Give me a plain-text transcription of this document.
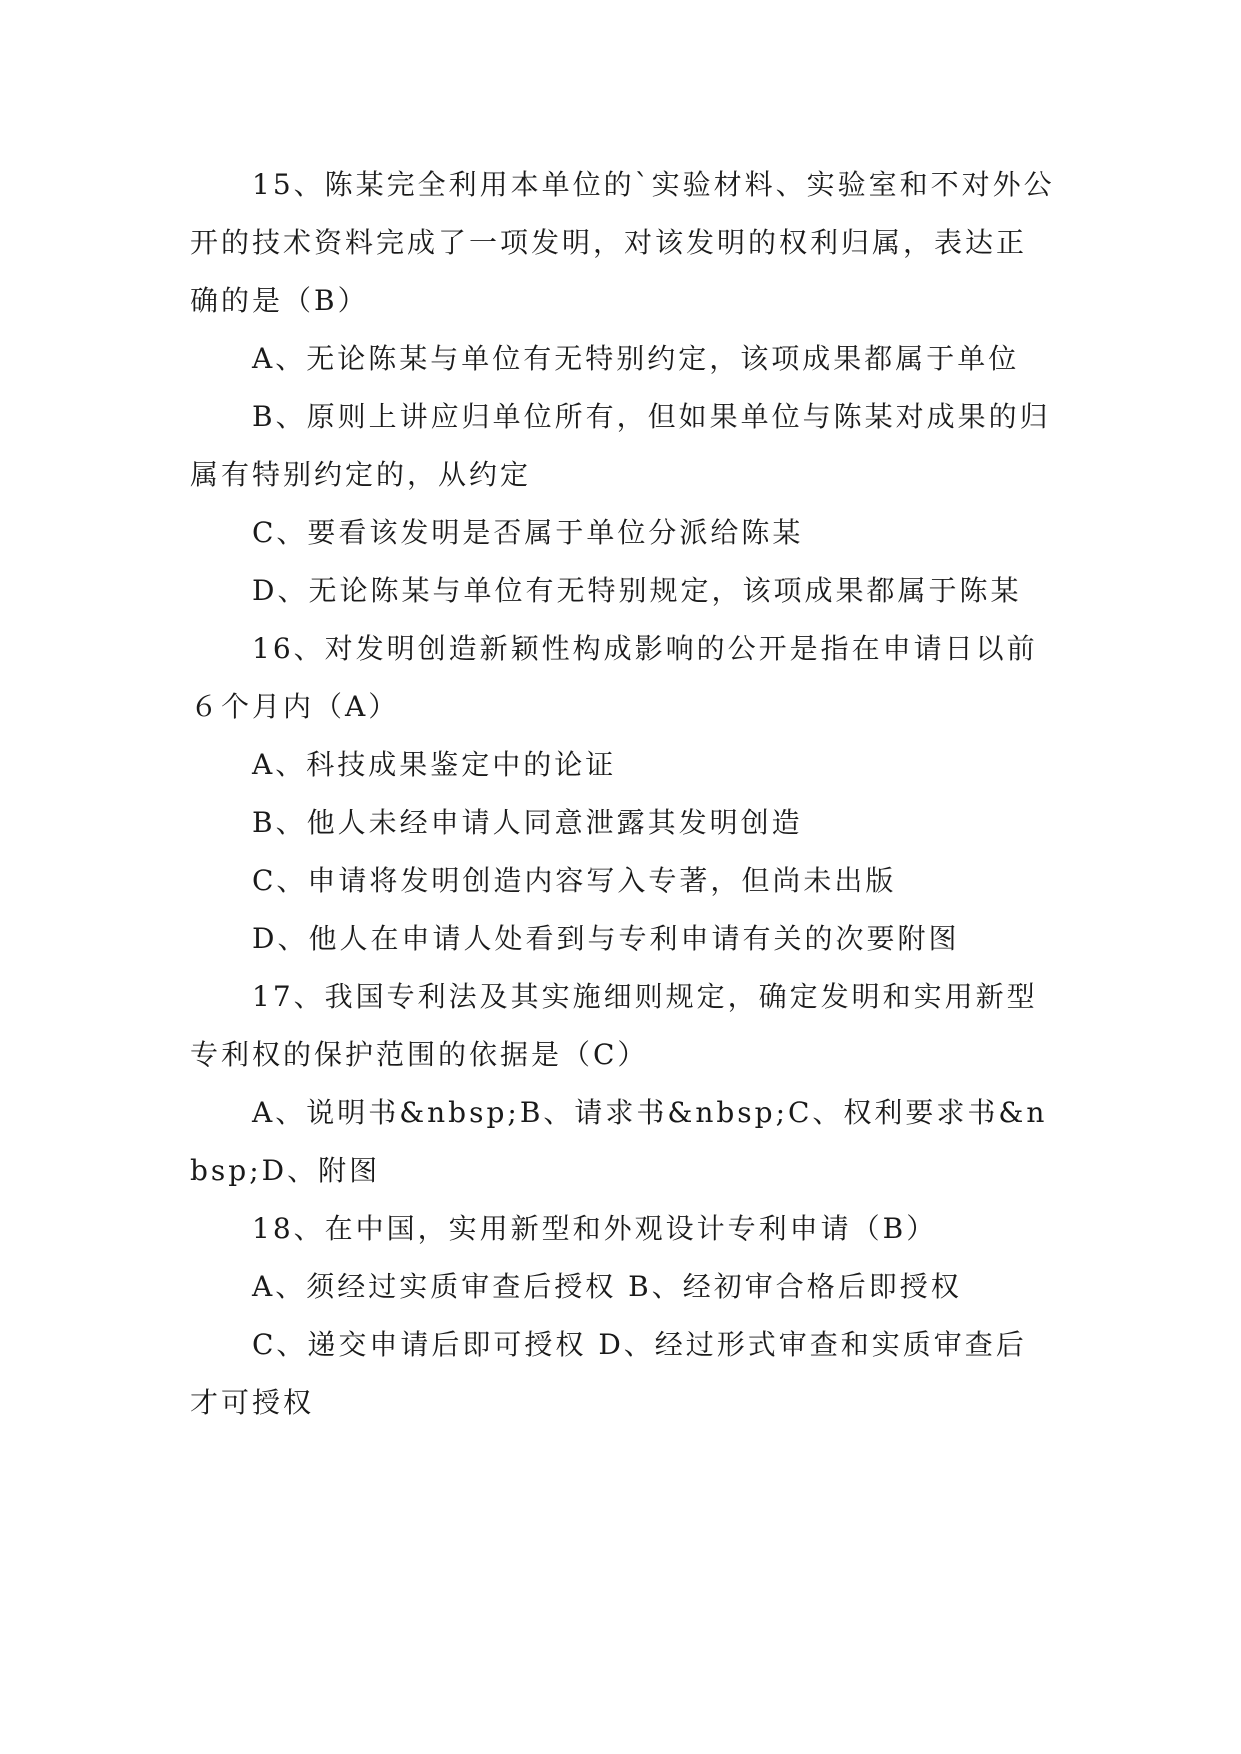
15、陈某完全利用本单位的`实验材料、实验室和不对外公开的技术资料完成了一项发明，对该发明的权利归属，表达正确的是（B）

A、无论陈某与单位有无特别约定，该项成果都属于单位

B、原则上讲应归单位所有，但如果单位与陈某对成果的归属有特别约定的，从约定

C、要看该发明是否属于单位分派给陈某

D、无论陈某与单位有无特别规定，该项成果都属于陈某

16、对发明创造新颖性构成影响的公开是指在申请日以前６个月内（A）

A、科技成果鉴定中的论证

B、他人未经申请人同意泄露其发明创造

C、申请将发明创造内容写入专著，但尚未出版

D、他人在申请人处看到与专利申请有关的次要附图

17、我国专利法及其实施细则规定，确定发明和实用新型专利权的保护范围的依据是（C）

A、说明书&nbsp;B、请求书&nbsp;C、权利要求书&nbsp;D、附图

18、在中国，实用新型和外观设计专利申请（B）

A、须经过实质审查后授权 B、经初审合格后即授权

C、递交申请后即可授权 D、经过形式审查和实质审查后才可授权
